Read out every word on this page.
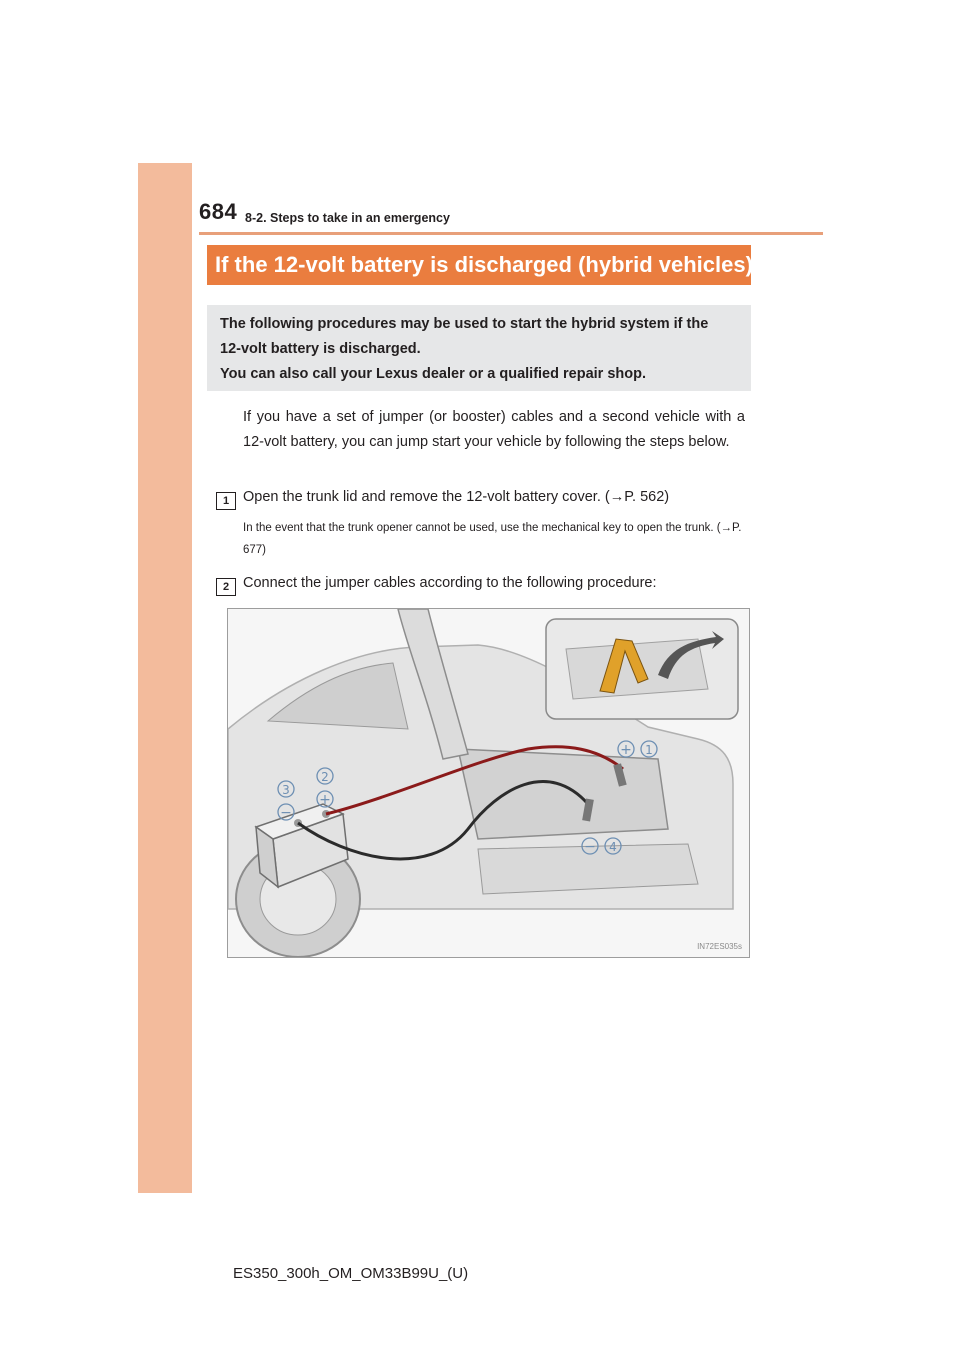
684 8-2. Steps to take in an emergency
If the 12-volt battery is discharged (hybrid vehicles)

The following procedures may be used to start the hybrid system if the

12-volt battery is discharged.

You can also call your Lexus dealer or a qualified repair shop.

If you have a set of jumper (or booster) cables and a second vehicle with a 12-volt battery, you can jump start your vehicle by following the steps below.

1 Open the trunk lid and remove the 12-volt battery cover. (→P. 562)

In the event that the trunk opener cannot be used, use the mechanical key to open the trunk. (→P. 677)

2 Connect the jumper cables according to the following procedure:
+ 1
2
+
3
−
− 4
IN72ES035s
ES350_300h_OM_OM33B99U_(U)
